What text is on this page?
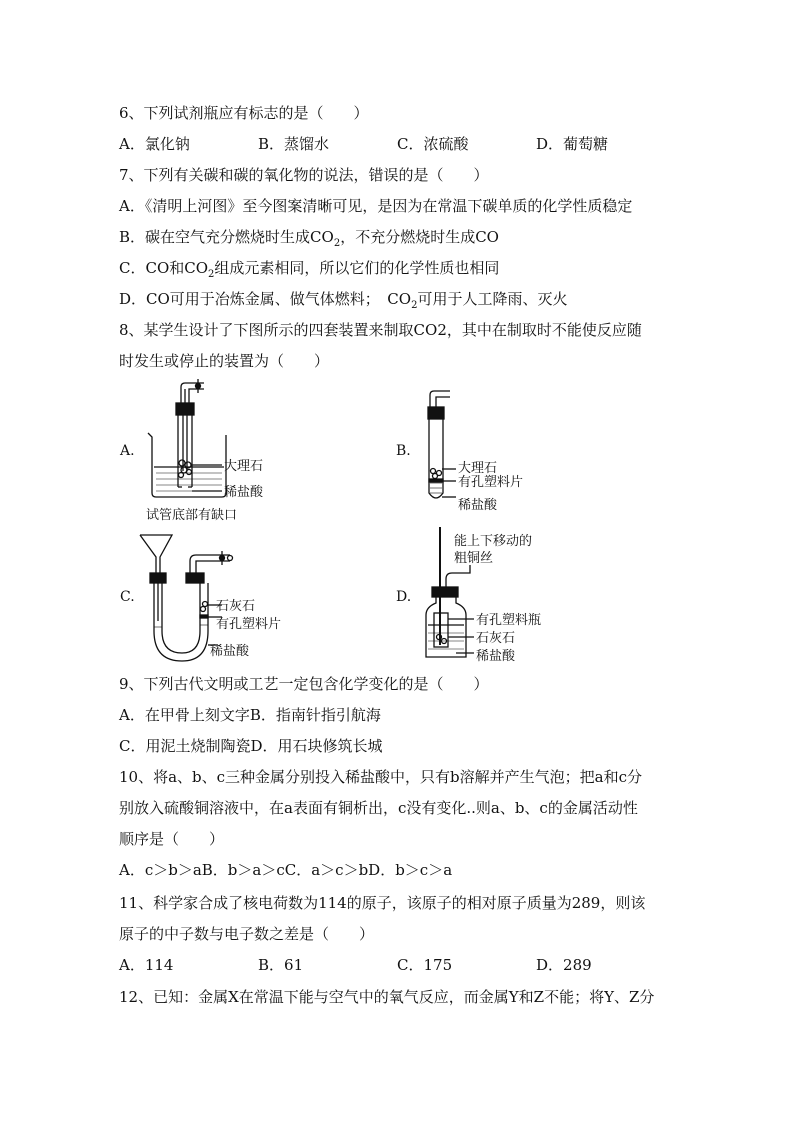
6、下列试剂瓶应有标志的是（　　）
A．氯化钠	B．蒸馏水	C．浓硫酸	D．葡萄糖
7、下列有关碳和碳的氧化物的说法，错误的是（　　）
A．《清明上河图》至今图案清晰可见，是因为在常温下碳单质的化学性质稳定
B．碳在空气充分燃烧时生成$CO_2$，不充分燃烧时生成CO
C．CO和$CO_2$组成元素相同，所以它们的化学性质也相同
D．CO可用于冶炼金属、做气体燃料；　$CO_2$可用于人工降雨、灭火
8、某学生设计了下图所示的四套装置来制取CO2，其中在制取时不能使反应随
时发生或停止的装置为（　　）
A.	B.
C.	D.
大理石
稀盐酸
试管底部有缺口
大理石
有孔塑料片
稀盐酸
石灰石
有孔塑料片
稀盐酸
能上下移动的
粗铜丝
有孔塑料瓶
石灰石
稀盐酸
9、下列古代文明或工艺一定包含化学变化的是（　　）
A．在甲骨上刻文字B．指南针指引航海
C．用泥土烧制陶瓷D．用石块修筑长城
10、将a、b、c三种金属分别投入稀盐酸中，只有b溶解并产生气泡；把a和c分
别放入硫酸铜溶液中，在a表面有铜析出，c没有变化..则a、b、c的金属活动性
顺序是（　　）
A．c＞b＞aB．b＞a＞cC．a＞c＞bD．b＞c＞a
11、科学家合成了核电荷数为114的原子，该原子的相对原子质量为289，则该
原子的中子数与电子数之差是（　　）
A．114	B．61	C．175	D．289
12、已知：金属X在常温下能与空气中的氧气反应，而金属Y和Z不能；将Y、Z分
